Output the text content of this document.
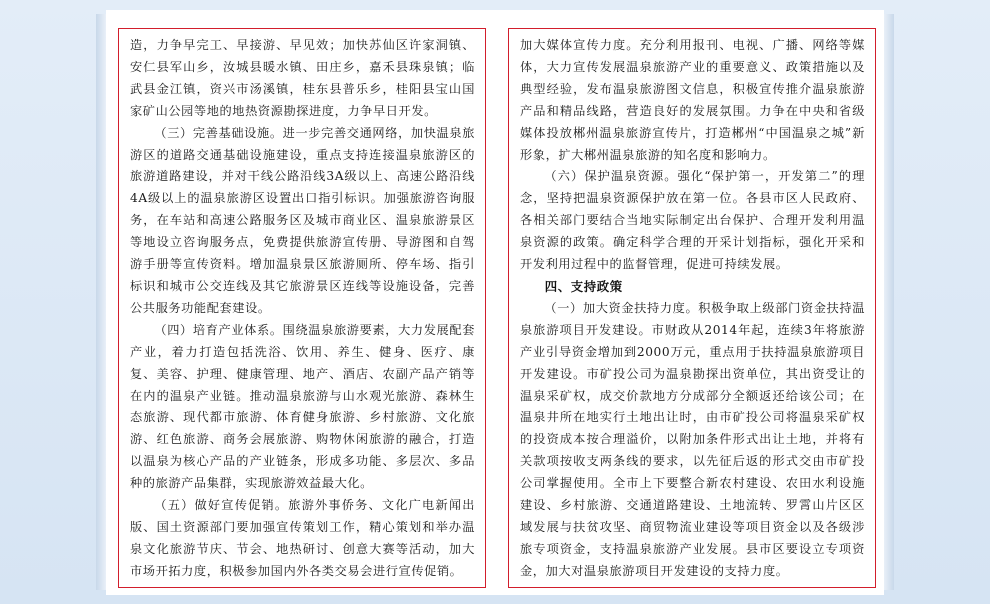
造，力争早完工、早接游、早见效；加快苏仙区许家洞镇、安仁县军山乡，汝城县暖水镇、田庄乡，嘉禾县珠泉镇；临武县金江镇，资兴市汤溪镇，桂东县普乐乡，桂阳县宝山国家矿山公园等地的地热资源勘探进度，力争早日开发。

（三）完善基础设施。进一步完善交通网络，加快温泉旅游区的道路交通基础设施建设，重点支持连接温泉旅游区的旅游道路建设，并对干线公路沿线3A级以上、高速公路沿线4A级以上的温泉旅游区设置出口指引标识。加强旅游咨询服务，在车站和高速公路服务区及城市商业区、温泉旅游景区等地设立咨询服务点，免费提供旅游宣传册、导游图和自驾游手册等宣传资料。增加温泉景区旅游厕所、停车场、指引标识和城市公交连线及其它旅游景区连线等设施设备，完善公共服务功能配套建设。

（四）培育产业体系。围绕温泉旅游要素，大力发展配套产业，着力打造包括洗浴、饮用、养生、健身、医疗、康复、美容、护理、健康管理、地产、酒店、农副产品产销等在内的温泉产业链。推动温泉旅游与山水观光旅游、森林生态旅游、现代都市旅游、体育健身旅游、乡村旅游、文化旅游、红色旅游、商务会展旅游、购物休闲旅游的融合，打造以温泉为核心产品的产业链条，形成多功能、多层次、多品种的旅游产品集群，实现旅游效益最大化。

（五）做好宣传促销。旅游外事侨务、文化广电新闻出版、国土资源部门要加强宣传策划工作，精心策划和举办温泉文化旅游节庆、节会、地热研讨、创意大赛等活动，加大市场开拓力度，积极参加国内外各类交易会进行宣传促销。

加大媒体宣传力度。充分利用报刊、电视、广播、网络等媒体，大力宣传发展温泉旅游产业的重要意义、政策措施以及典型经验，发布温泉旅游图文信息，积极宣传推介温泉旅游产品和精品线路，营造良好的发展氛围。力争在中央和省级媒体投放郴州温泉旅游宣传片，打造郴州“中国温泉之城”新形象，扩大郴州温泉旅游的知名度和影响力。

（六）保护温泉资源。强化“保护第一，开发第二”的理念，坚持把温泉资源保护放在第一位。各县市区人民政府、各相关部门要结合当地实际制定出台保护、合理开发利用温泉资源的政策。确定科学合理的开采计划指标，强化开采和开发利用过程中的监督管理，促进可持续发展。

四、支持政策

（一）加大资金扶持力度。积极争取上级部门资金扶持温泉旅游项目开发建设。市财政从2014年起，连续3年将旅游产业引导资金增加到2000万元，重点用于扶持温泉旅游项目开发建设。市矿投公司为温泉勘探出资单位，其出资受让的温泉采矿权，成交价款地方分成部分全额返还给该公司；在温泉井所在地实行土地出让时，由市矿投公司将温泉采矿权的投资成本按合理溢价，以附加条件形式出让土地，并将有关款项按收支两条线的要求，以先征后返的形式交由市矿投公司掌握使用。全市上下要整合新农村建设、农田水利设施建设、乡村旅游、交通道路建设、土地流转、罗霄山片区区域发展与扶贫攻坚、商贸物流业建设等项目资金以及各级涉旅专项资金，支持温泉旅游产业发展。县市区要设立专项资金，加大对温泉旅游项目开发建设的支持力度。
